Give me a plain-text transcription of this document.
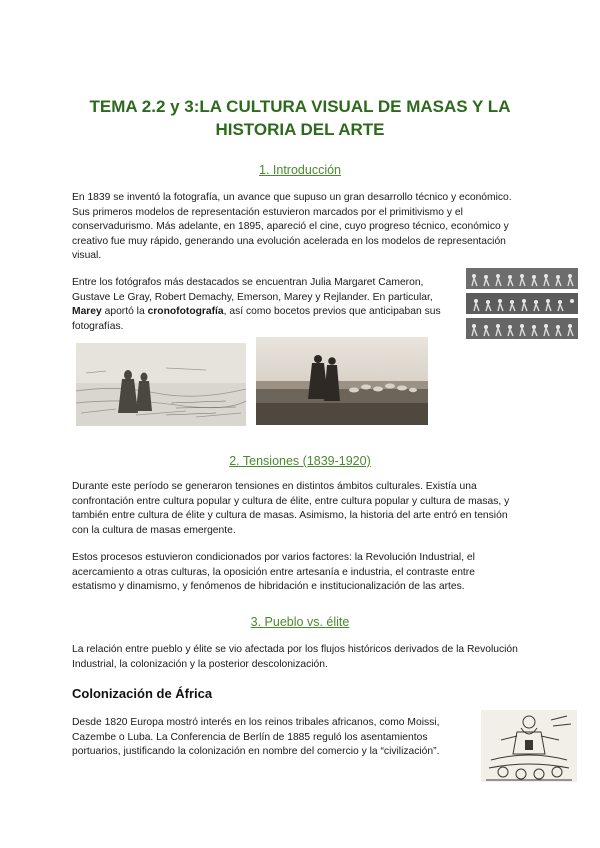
TEMA 2.2 y 3:LA CULTURA VISUAL DE MASAS Y LA
HISTORIA DEL ARTE
1. Introducción
En 1839 se inventó la fotografía, un avance que supuso un gran desarrollo técnico y económico. Sus primeros modelos de representación estuvieron marcados por el primitivismo y el conservadurismo. Más adelante, en 1895, apareció el cine, cuyo progreso técnico, económico y creativo fue muy rápido, generando una evolución acelerada en los modelos de representación visual.
Entre los fotógrafos más destacados se encuentran Julia Margaret Cameron, Gustave Le Gray, Robert Demachy, Emerson, Marey y Rejlander. En particular, Marey aportó la cronofotografía, así como bocetos previos que anticipaban sus fotografías.
2. Tensiones (1839-1920)
Durante este período se generaron tensiones en distintos ámbitos culturales. Existía una confrontación entre cultura popular y cultura de élite, entre cultura popular y cultura de masas, y también entre cultura de élite y cultura de masas. Asimismo, la historia del arte entró en tensión con la cultura de masas emergente.
Estos procesos estuvieron condicionados por varios factores: la Revolución Industrial, el acercamiento a otras culturas, la oposición entre artesanía e industria, el contraste entre estatismo y dinamismo, y fenómenos de hibridación e institucionalización de las artes.
3. Pueblo vs. élite
La relación entre pueblo y élite se vio afectada por los flujos históricos derivados de la Revolución Industrial, la colonización y la posterior descolonización.
Colonización de África
Desde 1820 Europa mostró interés en los reinos tribales africanos, como Moissi, Cazembe o Luba. La Conferencia de Berlín de 1885 reguló los asentamientos portuarios, justificando la colonización en nombre del comercio y la “civilización”.
